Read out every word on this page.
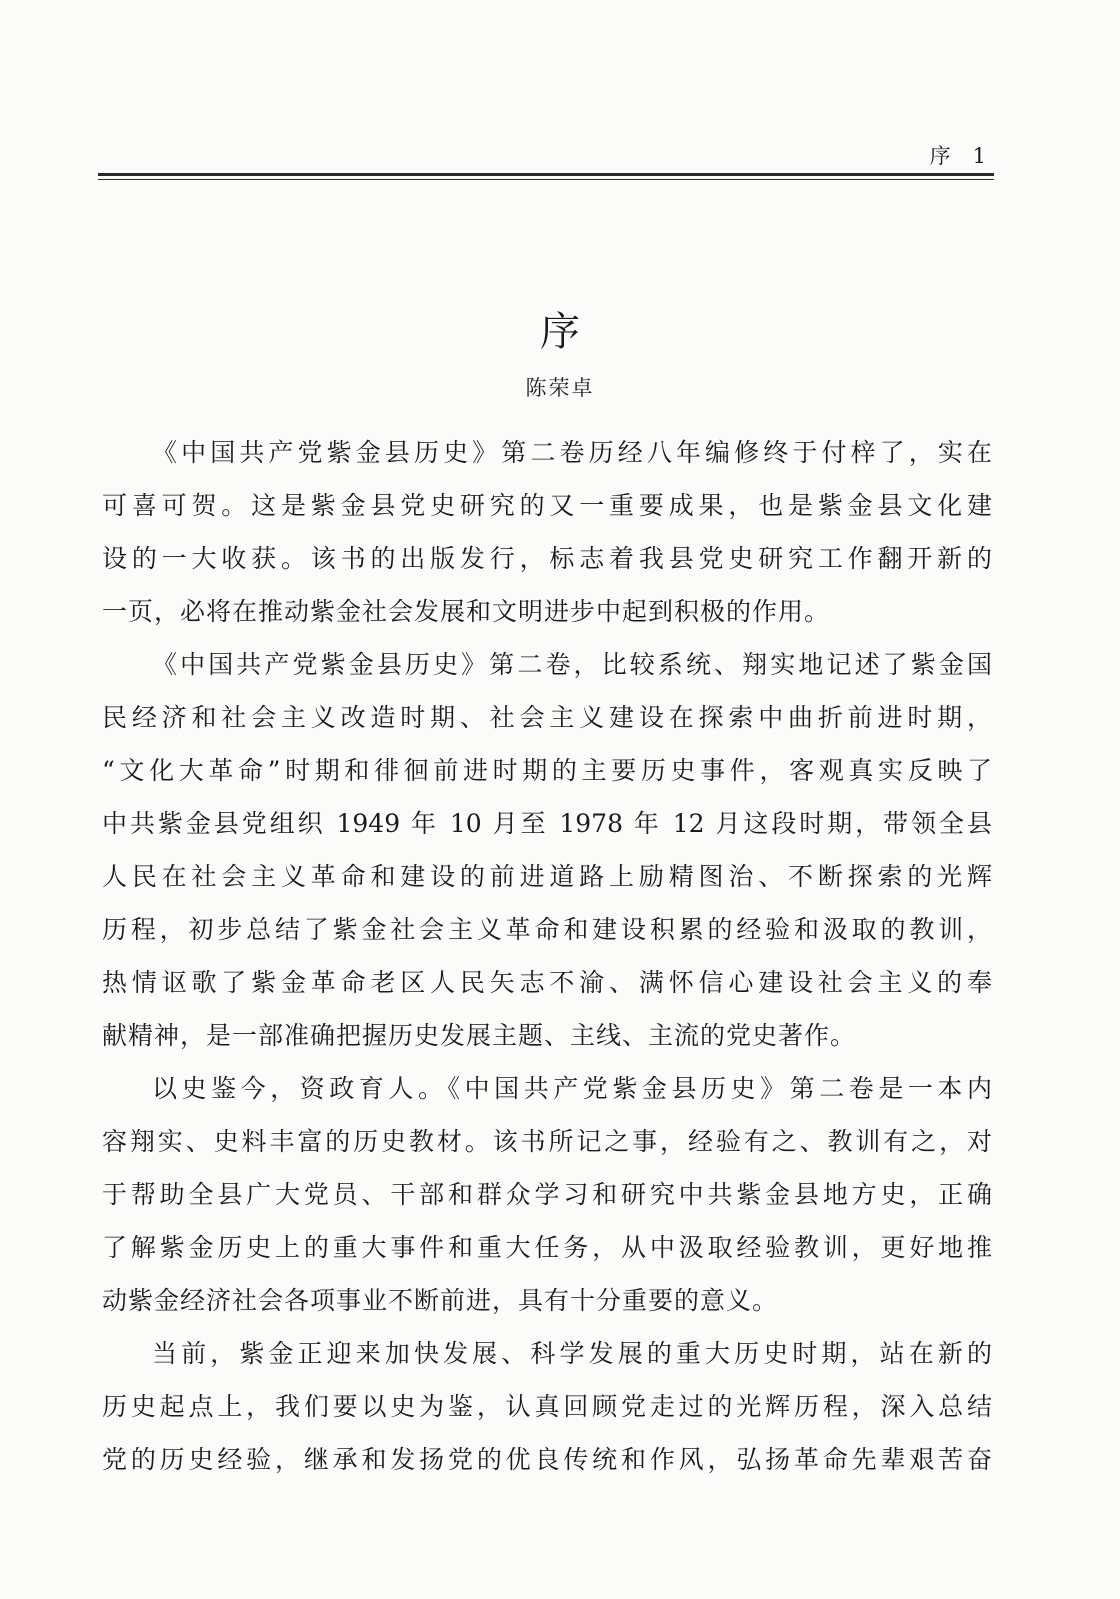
序 1
序
陈荣卓
《中国共产党紫金县历史》第二卷历经八年编修终于付梓了，实在
可喜可贺。这是紫金县党史研究的又一重要成果，也是紫金县文化建
设的一大收获。该书的出版发行，标志着我县党史研究工作翻开新的
一页，必将在推动紫金社会发展和文明进步中起到积极的作用。
《中国共产党紫金县历史》第二卷，比较系统、翔实地记述了紫金国
民经济和社会主义改造时期、社会主义建设在探索中曲折前进时期，
“文化大革命”时期和徘徊前进时期的主要历史事件，客观真实反映了
中共紫金县党组织 1949 年 10 月至 1978 年 12 月这段时期，带领全县
人民在社会主义革命和建设的前进道路上励精图治、不断探索的光辉
历程，初步总结了紫金社会主义革命和建设积累的经验和汲取的教训，
热情讴歌了紫金革命老区人民矢志不渝、满怀信心建设社会主义的奉
献精神，是一部准确把握历史发展主题、主线、主流的党史著作。
以史鉴今，资政育人。《中国共产党紫金县历史》第二卷是一本内
容翔实、史料丰富的历史教材。该书所记之事，经验有之、教训有之，对
于帮助全县广大党员、干部和群众学习和研究中共紫金县地方史，正确
了解紫金历史上的重大事件和重大任务，从中汲取经验教训，更好地推
动紫金经济社会各项事业不断前进，具有十分重要的意义。
当前，紫金正迎来加快发展、科学发展的重大历史时期，站在新的
历史起点上，我们要以史为鉴，认真回顾党走过的光辉历程，深入总结
党的历史经验，继承和发扬党的优良传统和作风，弘扬革命先辈艰苦奋
